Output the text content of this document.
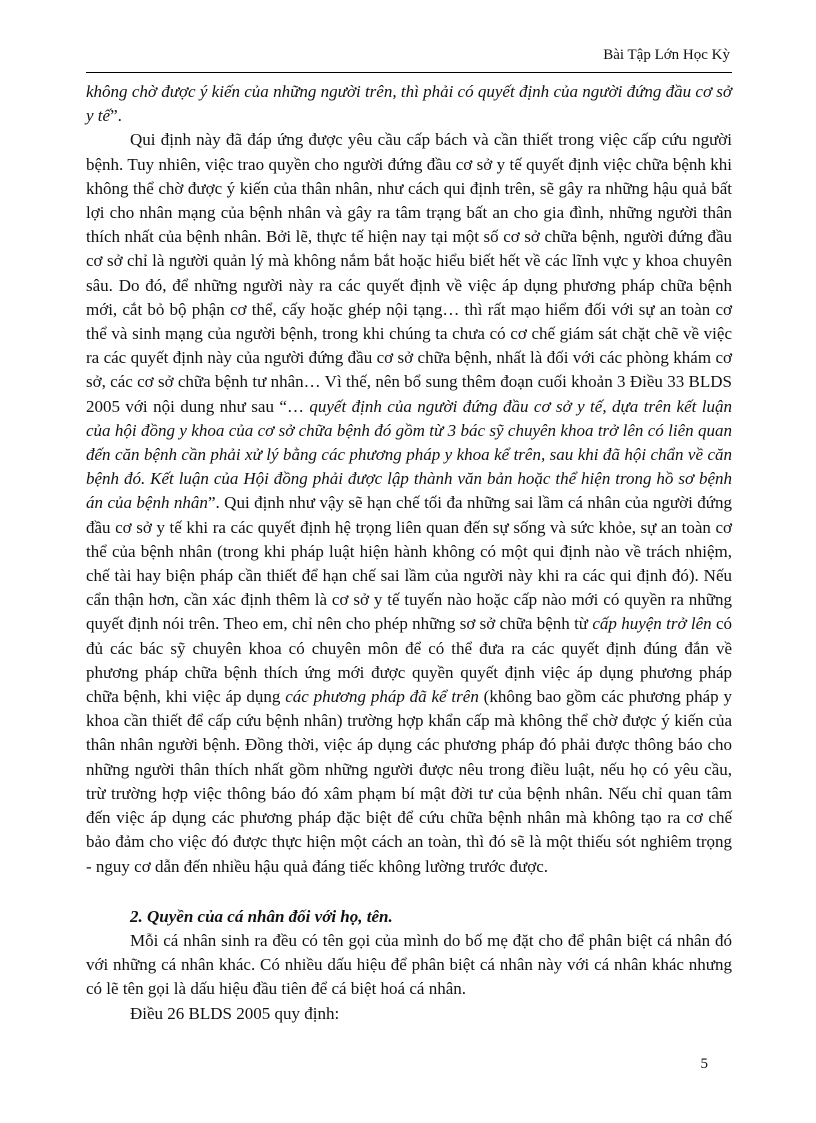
Bài Tập Lớn Học Kỳ

không chờ được ý kiến của những người trên, thì phải có quyết định của người đứng đầu cơ sở y tế”.

Qui định này đã đáp ứng được yêu cầu cấp bách và cần thiết trong việc cấp cứu người bệnh. Tuy nhiên, việc trao quyền cho người đứng đầu cơ sở y tế quyết định việc chữa bệnh khi không thể chờ được ý kiến của thân nhân, như cách qui định trên, sẽ gây ra những hậu quả bất lợi cho nhân mạng của bệnh nhân và gây ra tâm trạng bất an cho gia đình, những người thân thích nhất của bệnh nhân. Bởi lẽ, thực tế hiện nay tại một số cơ sở chữa bệnh, người đứng đầu cơ sở chỉ là người quản lý mà không nắm bắt hoặc hiểu biết hết về các lĩnh vực y khoa chuyên sâu. Do đó, để những người này ra các quyết định về việc áp dụng phương pháp chữa bệnh mới, cắt bỏ bộ phận cơ thể, cấy hoặc ghép nội tạng… thì rất mạo hiểm đối với sự an toàn cơ thể và sinh mạng của người bệnh, trong khi chúng ta chưa có cơ chế giám sát chặt chẽ về việc ra các quyết định này của người đứng đầu cơ sở chữa bệnh, nhất là đối với các phòng khám cơ sở, các cơ sở chữa bệnh tư nhân… Vì thế, nên bổ sung thêm đoạn cuối khoản 3 Điều 33 BLDS 2005 với nội dung như sau “… quyết định của người đứng đầu cơ sở y tế, dựa trên kết luận của hội đồng y khoa của cơ sở chữa bệnh đó gồm từ 3 bác sỹ chuyên khoa trở lên có liên quan đến căn bệnh cần phải xử lý bằng các phương pháp y khoa kể trên, sau khi đã hội chẩn về căn bệnh đó. Kết luận của Hội đồng phải được lập thành văn bản hoặc thể hiện trong hồ sơ bệnh án của bệnh nhân”. Qui định như vậy sẽ hạn chế tối đa những sai lầm cá nhân của người đứng đầu cơ sở y tế khi ra các quyết định hệ trọng liên quan đến sự sống và sức khỏe, sự an toàn cơ thể của bệnh nhân (trong khi pháp luật hiện hành không có một qui định nào về trách nhiệm, chế tài hay biện pháp cần thiết để hạn chế sai lầm của người này khi ra các qui định đó). Nếu cẩn thận hơn, cần xác định thêm là cơ sở y tế tuyến nào hoặc cấp nào mới có quyền ra những quyết định nói trên. Theo em, chỉ nên cho phép những sơ sở chữa bệnh từ cấp huyện trở lên có đủ các bác sỹ chuyên khoa có chuyên môn để có thể đưa ra các quyết định đúng đắn về phương pháp chữa bệnh thích ứng mới được quyền quyết định việc áp dụng phương pháp chữa bệnh, khi việc áp dụng các phương pháp đã kể trên (không bao gồm các phương pháp y khoa cần thiết để cấp cứu bệnh nhân) trường hợp khẩn cấp mà không thể chờ được ý kiến của thân nhân người bệnh. Đồng thời, việc áp dụng các phương pháp đó phải được thông báo cho những người thân thích nhất gồm những người được nêu trong điều luật, nếu họ có yêu cầu, trừ trường hợp việc thông báo đó xâm phạm bí mật đời tư của bệnh nhân. Nếu chỉ quan tâm đến việc áp dụng các phương pháp đặc biệt để cứu chữa bệnh nhân mà không tạo ra cơ chế bảo đảm cho việc đó được thực hiện một cách an toàn, thì đó sẽ là một thiếu sót nghiêm trọng - nguy cơ dẫn đến nhiều hậu quả đáng tiếc không lường trước được.

2. Quyền của cá nhân đối với họ, tên.

Mỗi cá nhân sinh ra đều có tên gọi của mình do bố mẹ đặt cho để phân biệt cá nhân đó với những cá nhân khác. Có nhiều dấu hiệu để phân biệt cá nhân này với cá nhân khác nhưng có lẽ tên gọi là dấu hiệu đầu tiên để cá biệt hoá cá nhân.

Điều 26 BLDS 2005 quy định:

5
